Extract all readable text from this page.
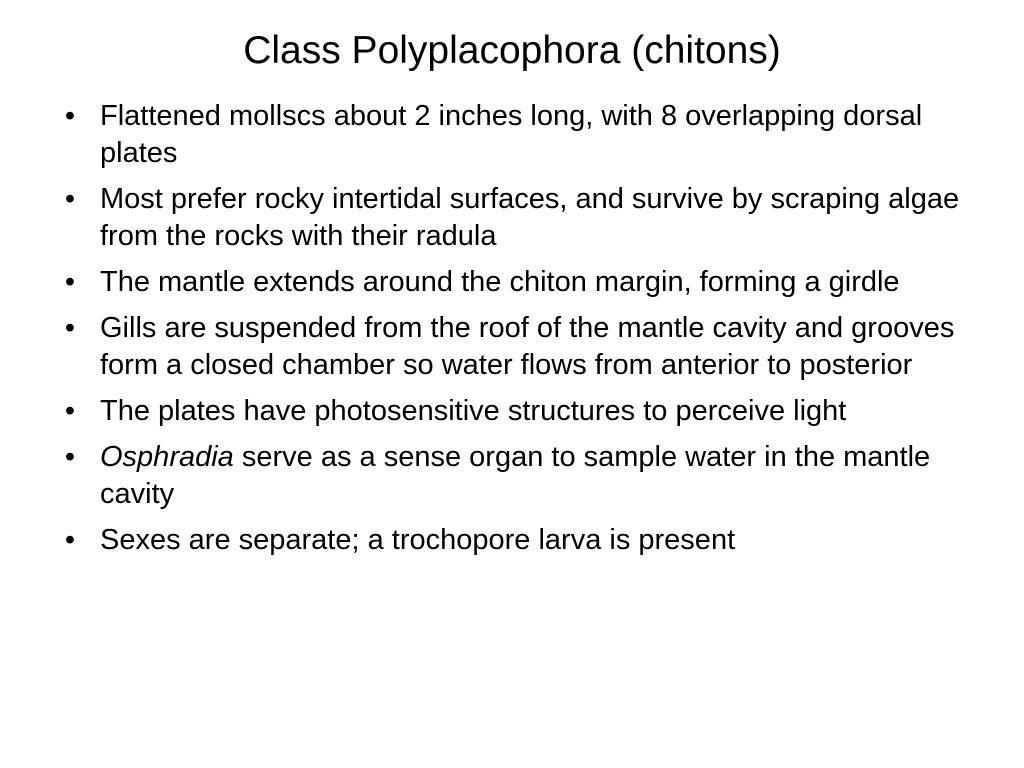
Class Polyplacophora (chitons)
• Flattened mollscs about 2 inches long, with 8 overlapping dorsal plates
• Most prefer rocky intertidal surfaces, and survive by scraping algae from the rocks with their radula
• The mantle extends around the chiton margin, forming a girdle
• Gills are suspended from the roof of the mantle cavity and grooves form a closed chamber so water flows from anterior to posterior
• The plates have photosensitive structures to perceive light
• Osphradia serve as a sense organ to sample water in the mantle cavity
• Sexes are separate; a trochopore larva is present
